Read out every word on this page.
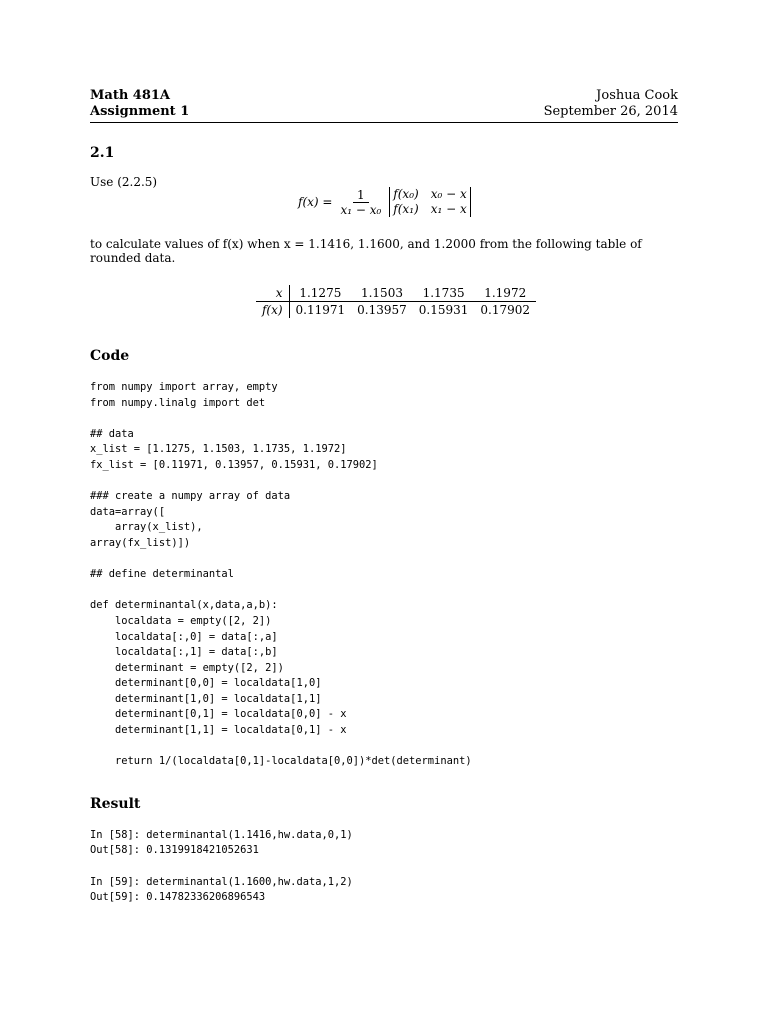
Math 481A
Assignment 1
Joshua Cook
September 26, 2014
2.1
Use (2.2.5)
$f(x) = \frac{1}{\text{x₁ − x₀}} f(x_0) x_0 - x$
f(x₁) x₁ − x
to calculate values of f(x) when x = 1.1416, 1.1600, and 1.2000 from the following table of rounded data.
x	1.1275	1.1503	1.1735	1.1972
f(x)	0.11971	0.13957	0.15931	0.17902
Code
from numpy import array, empty
from numpy.linalg import det

## data
x_list = [1.1275, 1.1503, 1.1735, 1.1972]
fx_list = [0.11971, 0.13957, 0.15931, 0.17902]

### create a numpy array of data
data=array([
array(x_list),
array(fx_list)])

## define determinantal

def determinantal(x,data,a,b):
localdata = empty([2, 2])
localdata[:,0] = data[:,a]
localdata[:,1] = data[:,b]
determinant = empty([2, 2])
determinant[0,0] = localdata[1,0]
determinant[1,0] = localdata[1,1]
determinant[0,1] = localdata[0,0] - x
determinant[1,1] = localdata[0,1] - x

return 1/(localdata[0,1]-localdata[0,0])*det(determinant)
Result
In [58]: determinantal(1.1416,hw.data,0,1)
Out[58]: 0.1319918421052631

In [59]: determinantal(1.1600,hw.data,1,2)
Out[59]: 0.14782336206896543
